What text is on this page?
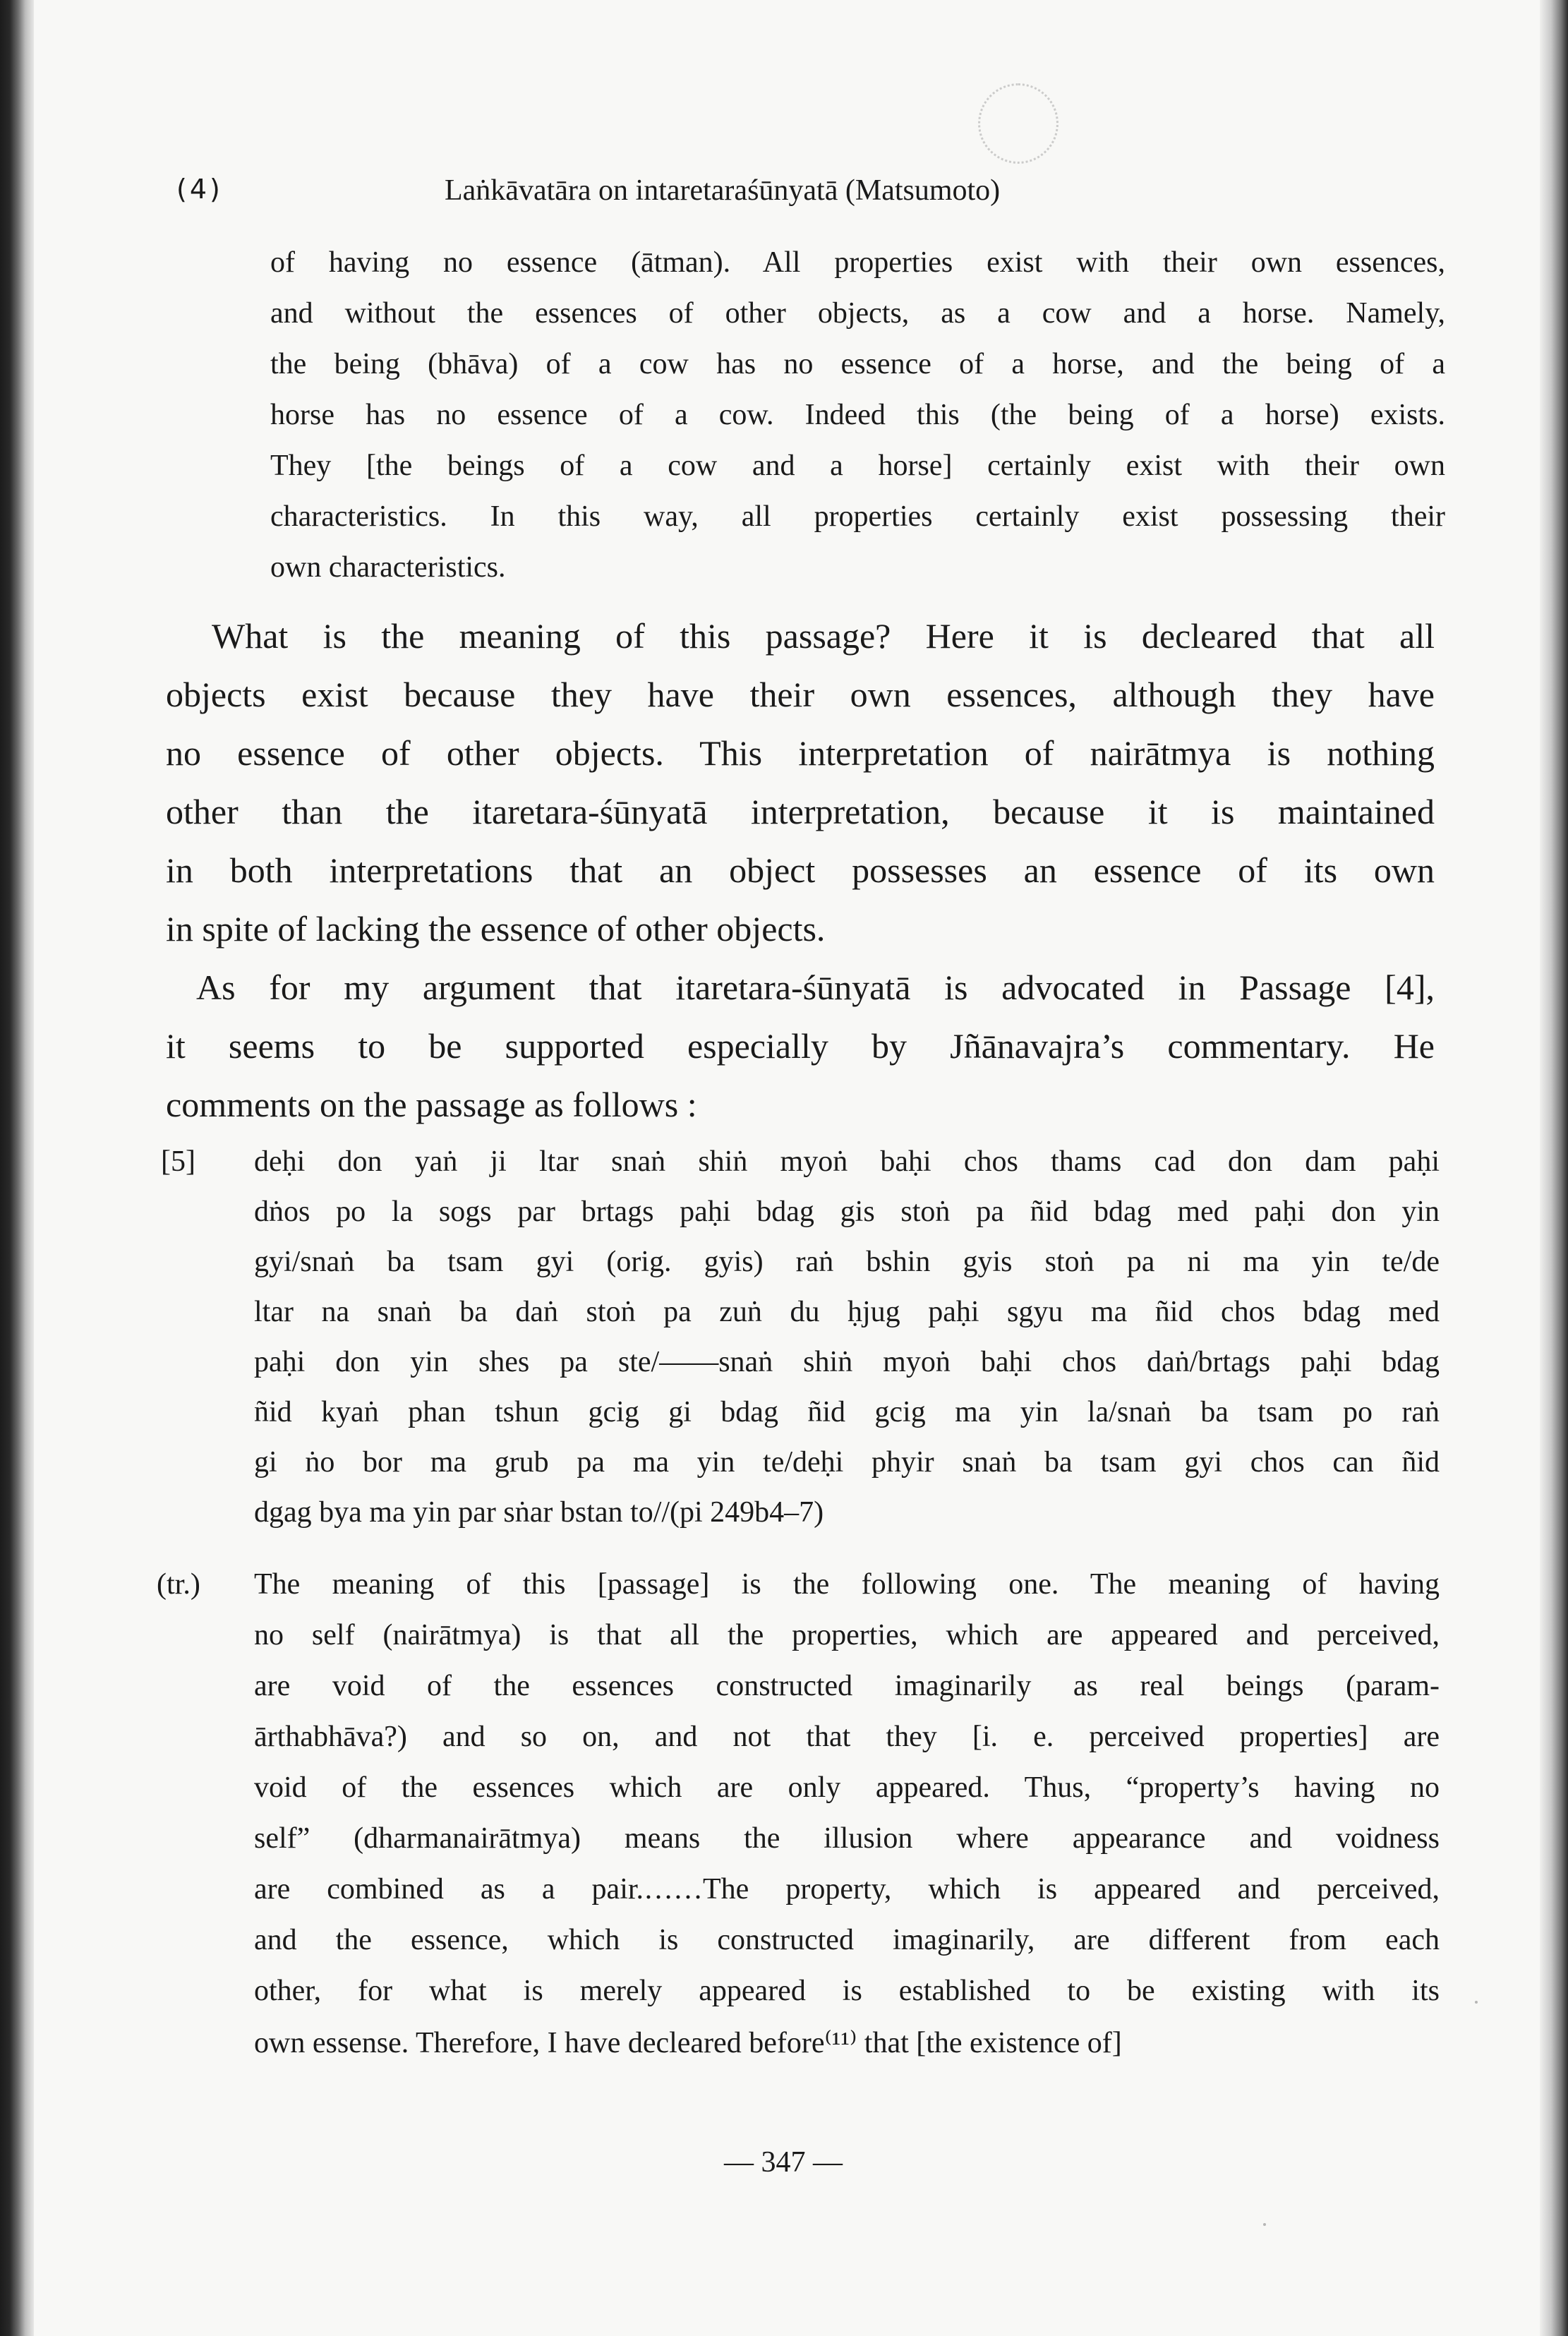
(4)	Laṅkāvatāra on intaretaraśūnyatā (Matsumoto)
of having no essence (ātman). All properties exist with their own essences,
and without the essences of other objects, as a cow and a horse. Namely,
the being (bhāva) of a cow has no essence of a horse, and the being of a
horse has no essence of a cow. Indeed this (the being of a horse) exists.
They [the beings of a cow and a horse] certainly exist with their own
characteristics. In this way, all properties certainly exist possessing their
own characteristics.
What is the meaning of this passage? Here it is decleared that all
objects exist because they have their own essences, although they have
no essence of other objects. This interpretation of nairātmya is nothing
other than the itaretara-śūnyatā interpretation, because it is maintained
in both interpretations that an object possesses an essence of its own
in spite of lacking the essence of other objects.
As for my argument that itaretara-śūnyatā is advocated in Passage [4],
it seems to be supported especially by Jñānavajra’s commentary. He
comments on the passage as follows :
[5] deḥi don yaṅ ji ltar snaṅ shiṅ myoṅ baḥi chos thams cad don dam paḥi
dṅos po la sogs par brtags paḥi bdag gis stoṅ pa ñid bdag med paḥi don yin
gyi/snaṅ ba tsam gyi (orig. gyis) raṅ bshin gyis stoṅ pa ni ma yin te/de
ltar na snaṅ ba daṅ stoṅ pa zuṅ du ḥjug paḥi sgyu ma ñid chos bdag med
paḥi don yin shes pa ste/——snaṅ shiṅ myoṅ baḥi chos daṅ/brtags paḥi bdag
ñid kyaṅ phan tshun gcig gi bdag ñid gcig ma yin la/snaṅ ba tsam po raṅ
gi ṅo bor ma grub pa ma yin te/deḥi phyir snaṅ ba tsam gyi chos can ñid
dgag bya ma yin par sṅar bstan to//(pi 249b4–7)
(tr.) The meaning of this [passage] is the following one. The meaning of having
no self (nairātmya) is that all the properties, which are appeared and perceived,
are void of the essences constructed imaginarily as real beings (param-
ārthabhāva?) and so on, and not that they [i. e. perceived properties] are
void of the essences which are only appeared. Thus, “property’s having no
self” (dharmanairātmya) means the illusion where appearance and voidness
are combined as a pair.……The property, which is appeared and perceived,
and the essence, which is constructed imaginarily, are different from each
other, for what is merely appeared is established to be existing with its
own essense. Therefore, I have decleared before⁽¹¹⁾ that [the existence of]
— 347 —
